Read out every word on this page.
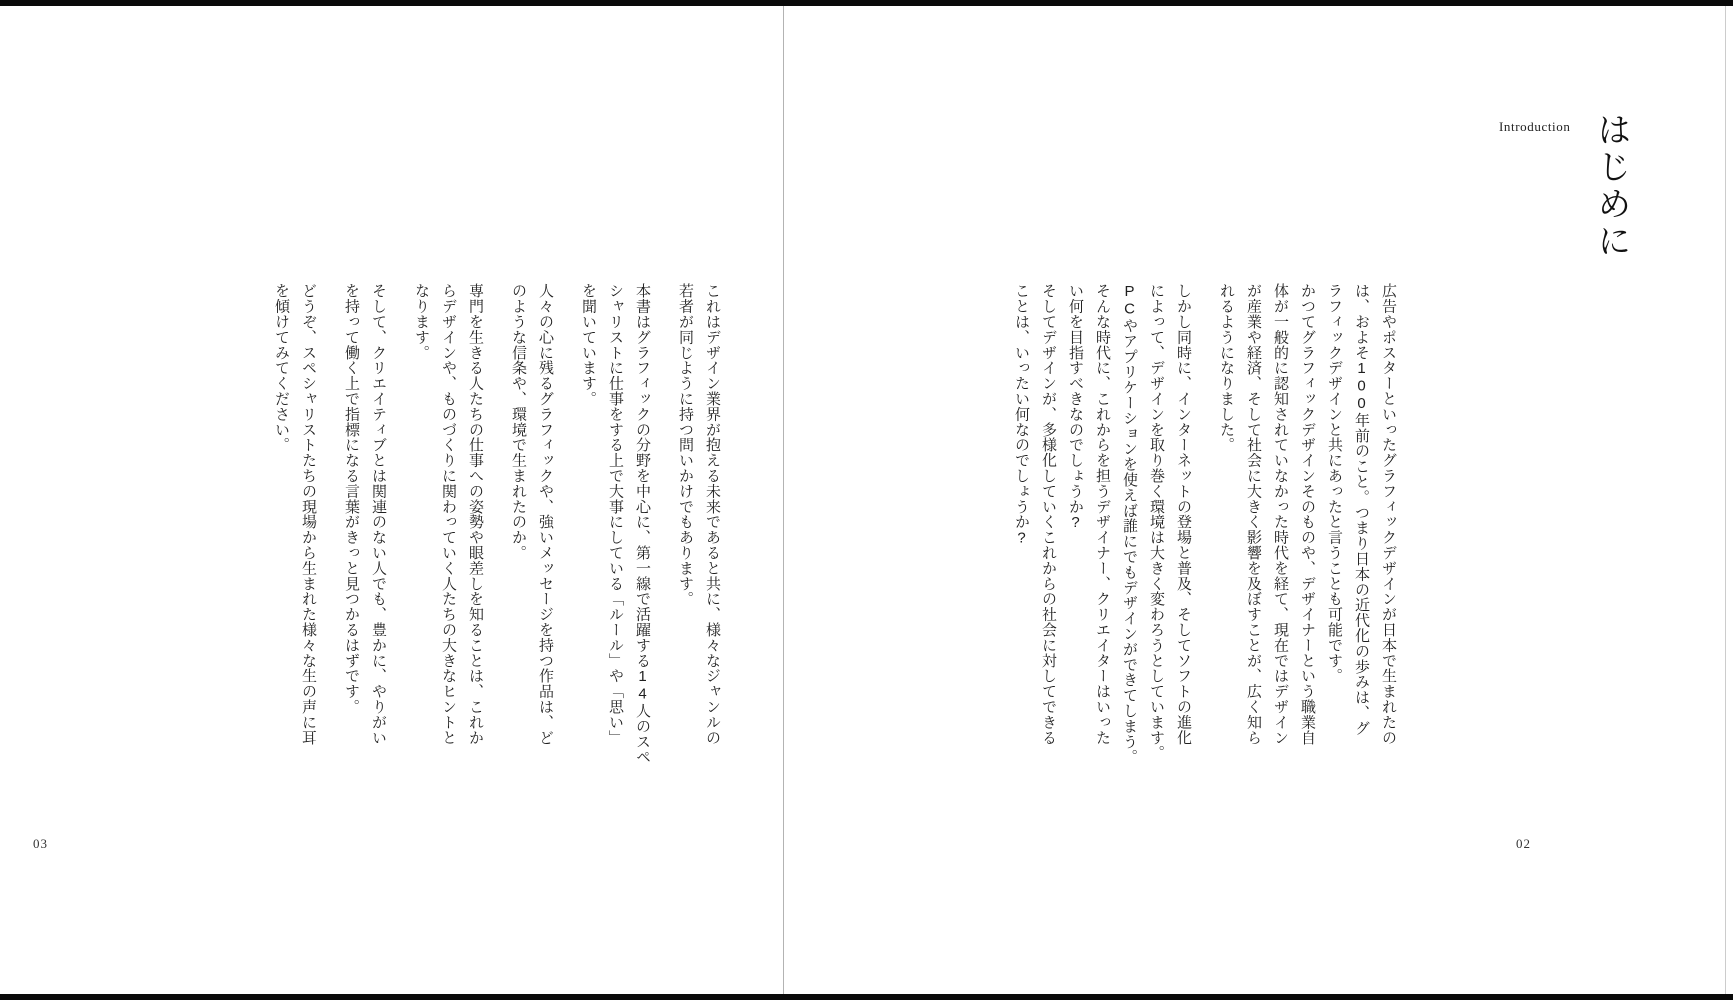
これはデザイン業界が抱える未来であると共に、様々なジャンルの

若者が同じように持つ問いかけでもあります。

本書はグラフィックの分野を中心に、第一線で活躍する14人のスペ

シャリストに仕事をする上で大事にしている「ルール」や「思い」

を聞いています。

人々の心に残るグラフィックや、強いメッセージを持つ作品は、ど

のような信条や、環境で生まれたのか。

専門を生きる人たちの仕事への姿勢や眼差しを知ることは、これか

らデザインや、ものづくりに関わっていく人たちの大きなヒントと

なります。

そして、クリエイティブとは関連のない人でも、豊かに、やりがい

を持って働く上で指標になる言葉がきっと見つかるはずです。

どうぞ、スペシャリストたちの現場から生まれた様々な生の声に耳

を傾けてみてください。

03
Introduction はじめに

広告やポスターといったグラフィックデザインが日本で生まれたの

は、およそ100年前のこと。つまり日本の近代化の歩みは、グ

ラフィックデザインと共にあったと言うことも可能です。

かつてグラフィックデザインそのものや、デザイナーという職業自

体が一般的に認知されていなかった時代を経て、現在ではデザイン

が産業や経済、そして社会に大きく影響を及ぼすことが、広く知ら

れるようになりました。

しかし同時に、インターネットの登場と普及、そしてソフトの進化

によって、デザインを取り巻く環境は大きく変わろうとしています。

PCやアプリケーションを使えば誰にでもデザインができてしまう。

そんな時代に、これからを担うデザイナー、クリエイターはいった

い何を目指すべきなのでしょうか?

そしてデザインが、多様化していくこれからの社会に対してできる

ことは、いったい何なのでしょうか?

02
